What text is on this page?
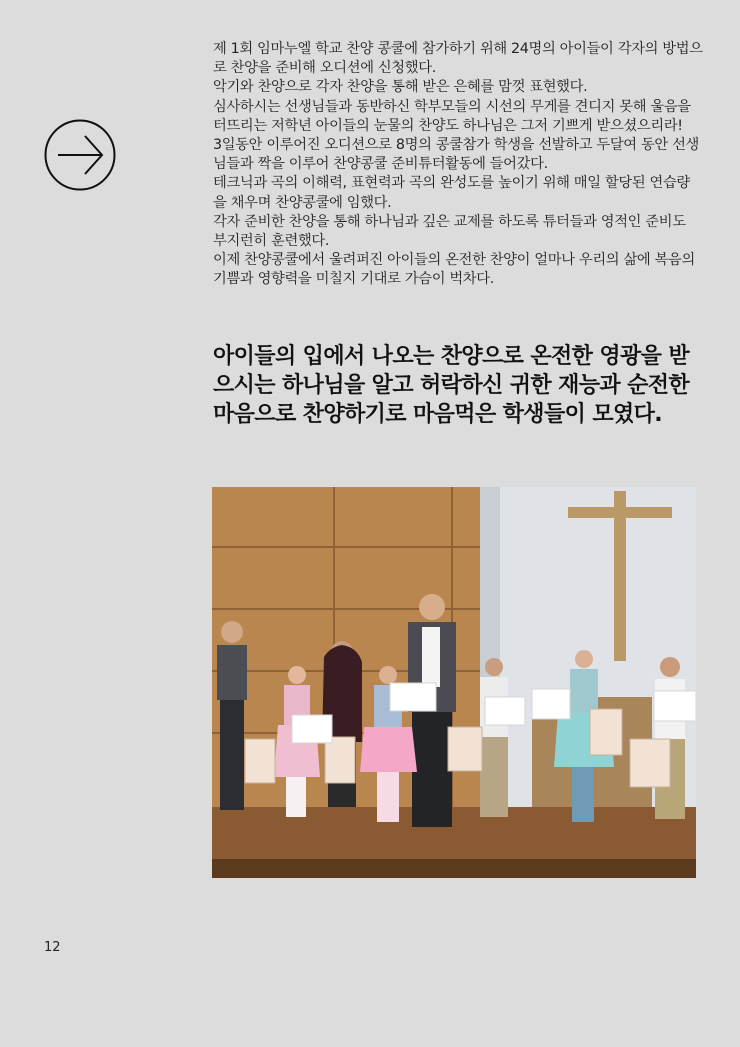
제 1회 임마누엘 학교 찬양 콩쿨에 참가하기 위해 24명의 아이들이 각자의 방법으로 찬양을 준비해 오디션에 신청했다.

악기와 찬양으로 각자 찬양을 통해 받은 은혜를 맘껏 표현했다.

심사하시는 선생님들과 동반하신 학부모들의 시선의 무게를 견디지 못해 울음을 터뜨리는 저학년 아이들의 눈물의 찬양도 하나님은 그저 기쁘게 받으셨으리라!

3일동안 이루어진 오디션으로 8명의 콩쿨참가 학생을 선발하고 두달여 동안 선생님들과 짝을 이루어 찬양콩쿨 준비튜터활동에 들어갔다.

테크닉과 곡의 이해력, 표현력과 곡의 완성도를 높이기 위해 매일 할당된 연습량을 채우며 찬양콩쿨에 임했다.

각자 준비한 찬양을 통해 하나님과 깊은 교제를 하도록 튜터들과 영적인 준비도 부지런히 훈련했다.

이제 찬양콩쿨에서 울려퍼진 아이들의 온전한 찬양이 얼마나 우리의 삶에 복음의 기쁨과 영향력을 미칠지 기대로 가슴이 벅차다.

아이들의 입에서 나오는 찬양으로 온전한 영광을 받으시는 하나님을 알고 허락하신 귀한 재능과 순전한 마음으로 찬양하기로 마음먹은 학생들이 모였다.
12
